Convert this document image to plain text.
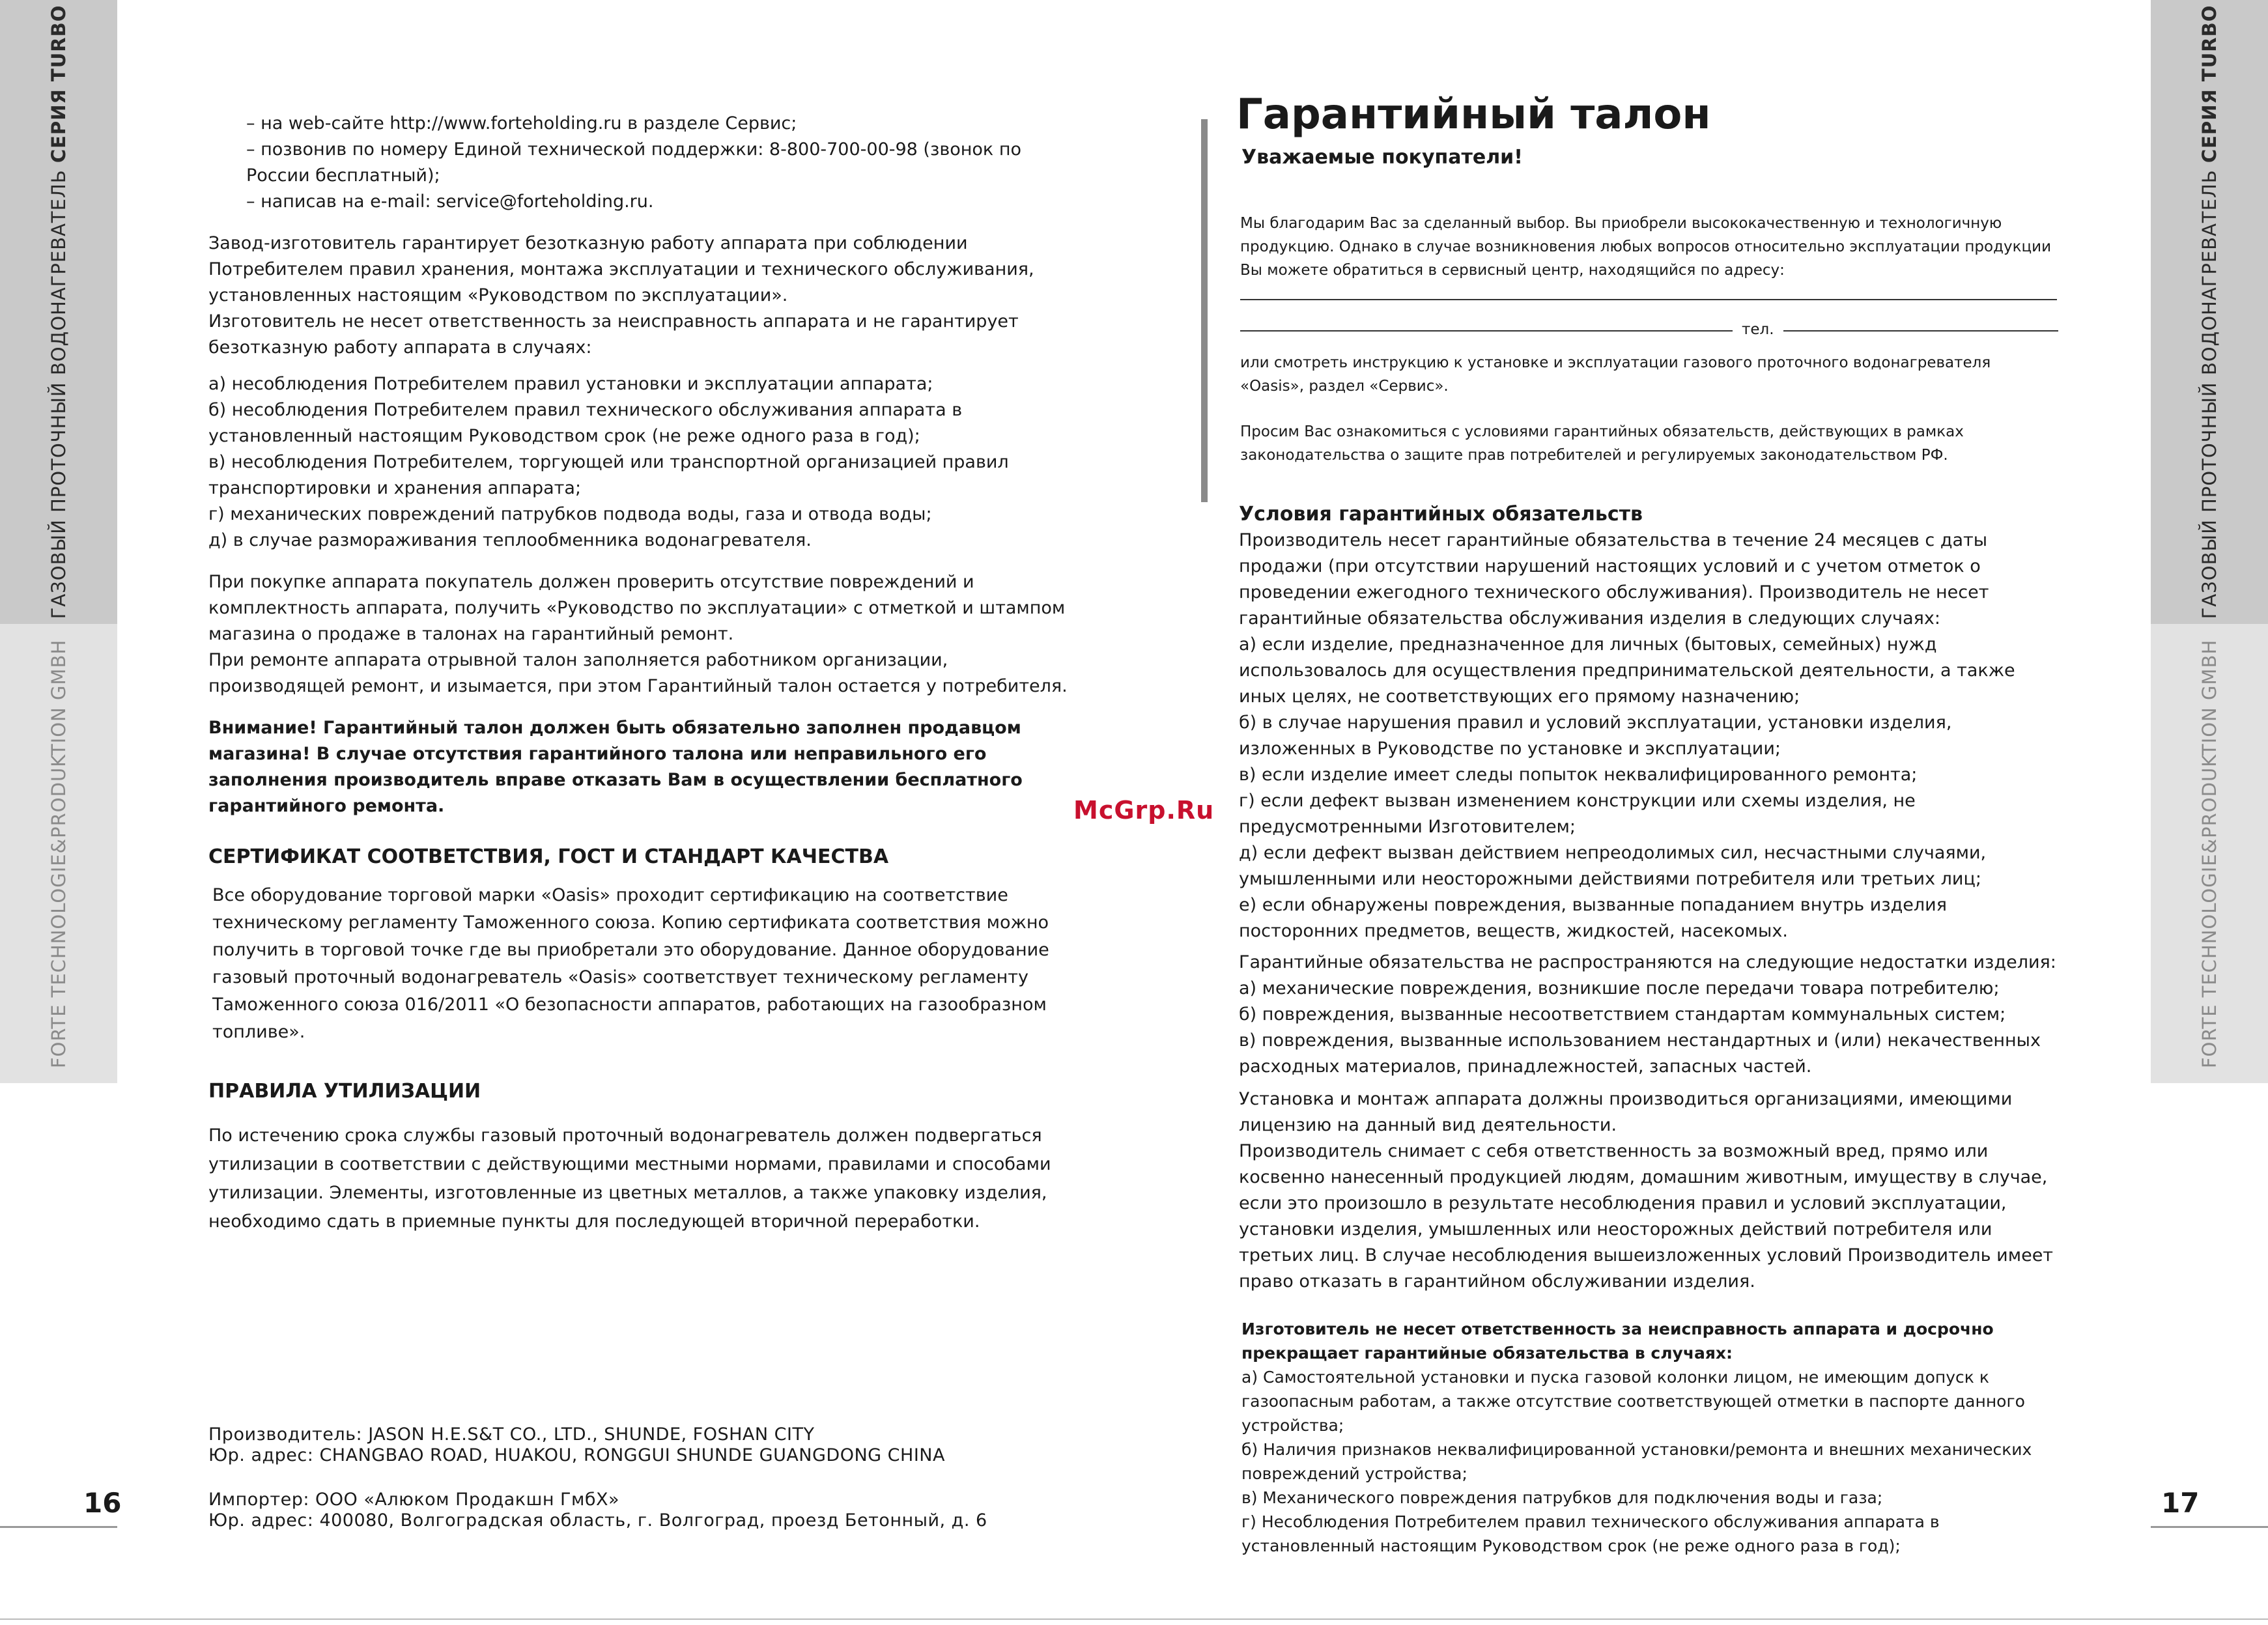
ГАЗОВЫЙ ПРОТОЧНЫЙ ВОДОНАГРЕВАТЕЛЬ СЕРИЯ TURBO
FORTE TECHNOLOGIE&PRODUKTION GMBH
ГАЗОВЫЙ ПРОТОЧНЫЙ ВОДОНАГРЕВАТЕЛЬ СЕРИЯ TURBO
FORTE TECHNOLOGIE&PRODUKTION GMBH
16	17
McGrp.Ru

– на web-сайте http://www.forteholding.ru в разделе Сервис;

– позвонив по номеру Единой технической поддержки: 8-800-700-00-98 (звонок по России бесплатный);

– написав на e-mail: service@forteholding.ru.

Завод-изготовитель гарантирует безотказную работу аппарата при соблюдении Потребителем правил хранения, монтажа эксплуатации и технического обслуживания, установленных настоящим «Руководством по эксплуатации».

Изготовитель не несет ответственность за неисправность аппарата и не гарантирует безотказную работу аппарата в случаях:

а) несоблюдения Потребителем правил установки и эксплуатации аппарата;

б) несоблюдения Потребителем правил технического обслуживания аппарата в установленный настоящим Руководством срок (не реже одного раза в год);

в) несоблюдения Потребителем, торгующей или транспортной организацией правил транспортировки и хранения аппарата;

г) механических повреждений патрубков подвода воды, газа и отвода воды;

д) в случае размораживания теплообменника водонагревателя.

При покупке аппарата покупатель должен проверить отсутствие повреждений и комплектность аппарата, получить «Руководство по эксплуатации» с отметкой и штампом магазина о продаже в талонах на гарантийный ремонт.

При ремонте аппарата отрывной талон заполняется работником организации, производящей ремонт, и изымается, при этом Гарантийный талон остается у потребителя.

Внимание! Гарантийный талон должен быть обязательно заполнен продавцом магазина! В случае отсутствия гарантийного талона или неправильного его заполнения производитель вправе отказать Вам в осуществлении бесплатного гарантийного ремонта.

СЕРТИФИКАТ СООТВЕТСТВИЯ, ГОСТ И СТАНДАРТ КАЧЕСТВА

Все оборудование торговой марки «Oasis» проходит сертификацию на соответствие техническому регламенту Таможенного союза. Копию сертификата соответствия можно получить в торговой точке где вы приобретали это оборудование. Данное оборудование газовый проточный водонагреватель «Oasis» соответствует техническому регламенту Таможенного союза 016/2011 «О безопасности аппаратов, работающих на газообразном топливе».

ПРАВИЛА УТИЛИЗАЦИИ

По истечению срока службы газовый проточный водонагреватель должен подвергаться утилизации в соответствии с действующими местными нормами, правилами и способами утилизации. Элементы, изготовленные из цветных металлов, а также упаковку изделия, необходимо сдать в приемные пункты для последующей вторичной переработки.

Производитель: JASON H.E.S&T CO., LTD., SHUNDE, FOSHAN CITY

Юр. адрес: CHANGBAO ROAD, HUAKOU, RONGGUI SHUNDE GUANGDONG CHINA

Импортер: ООО «Алюком Продакшн ГмбХ»

Юр. адрес: 400080, Волгоградская область, г. Волгоград, проезд Бетонный, д. 6

Гарантийный талон

Уважаемые покупатели!

Мы благодарим Вас за сделанный выбор. Вы приобрели высококачественную и технологичную продукцию. Однако в случае возникновения любых вопросов относительно эксплуатации продукции Вы можете обратиться в сервисный центр, находящийся по адресу:

тел.

или смотреть инструкцию к установке и эксплуатации газового проточного водонагревателя «Oasis», раздел «Сервис».

Просим Вас ознакомиться с условиями гарантийных обязательств, действующих в рамках законодательства о защите прав потребителей и регулируемых законодательством РФ.

Условия гарантийных обязательств

Производитель несет гарантийные обязательства в течение 24 месяцев с даты продажи (при отсутствии нарушений настоящих условий и с учетом отметок о проведении ежегодного технического обслуживания). Производитель не несет гарантийные обязательства обслуживания изделия в следующих случаях:

а) если изделие, предназначенное для личных (бытовых, семейных) нужд использовалось для осуществления предпринимательской деятельности, а также иных целях, не соответствующих его прямому назначению;

б) в случае нарушения правил и условий эксплуатации, установки изделия, изложенных в Руководстве по установке и эксплуатации;

в) если изделие имеет следы попыток неквалифицированного ремонта;

г) если дефект вызван изменением конструкции или схемы изделия, не предусмотренными Изготовителем;

д) если дефект вызван действием непреодолимых сил, несчастными случаями, умышленными или неосторожными действиями потребителя или третьих лиц;

е) если обнаружены повреждения, вызванные попаданием внутрь изделия посторонних предметов, веществ, жидкостей, насекомых.

Гарантийные обязательства не распространяются на следующие недостатки изделия:

а) механические повреждения, возникшие после передачи товара потребителю;

б) повреждения, вызванные несоответствием стандартам коммунальных систем;

в) повреждения, вызванные использованием нестандартных и (или) некачественных расходных материалов, принадлежностей, запасных частей.

Установка и монтаж аппарата должны производиться организациями, имеющими лицензию на данный вид деятельности.

Производитель снимает с себя ответственность за возможный вред, прямо или косвенно нанесенный продукцией людям, домашним животным, имуществу в случае, если это произошло в результате несоблюдения правил и условий эксплуатации, установки изделия, умышленных или неосторожных действий потребителя или третьих лиц. В случае несоблюдения вышеизложенных условий Производитель имеет право отказать в гарантийном обслуживании изделия.

Изготовитель не несет ответственность за неисправность аппарата и досрочно прекращает гарантийные обязательства в случаях:

а) Самостоятельной установки и пуска газовой колонки лицом, не имеющим допуск к газоопасным работам, а также отсутствие соответствующей отметки в паспорте данного устройства;

б) Наличия признаков неквалифицированной установки/ремонта и внешних механических повреждений устройства;

в) Механического повреждения патрубков для подключения воды и газа;

г) Несоблюдения Потребителем правил технического обслуживания аппарата в установленный настоящим Руководством срок (не реже одного раза в год);
